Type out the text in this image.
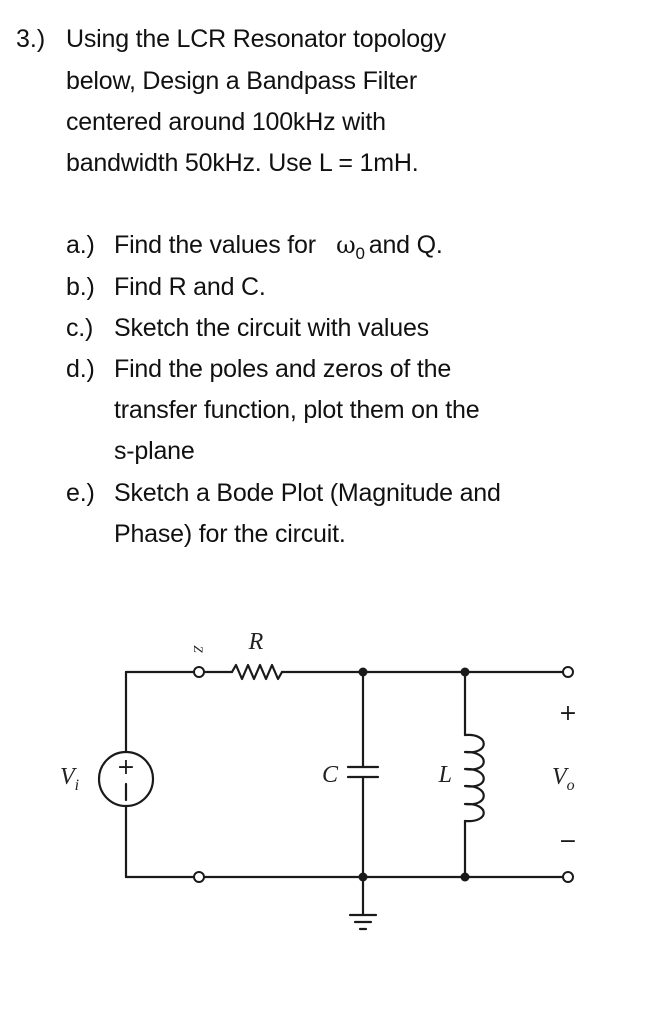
3.) Using the LCR Resonator topology
below, Design a Bandpass Filter
centered around 100kHz with
bandwidth 50kHz. Use L = 1mH.
a.) Find the values for $\omega_0$ and Q.
b.) Find R and C.
c.) Sketch the circuit with values
d.) Find the poles and zeros of the
transfer function, plot them on the
s-plane
e.) Sketch a Bode Plot (Magnitude and
Phase) for the circuit.
+
R
Z
C	L
$V_i$
+
$V_o$
−
